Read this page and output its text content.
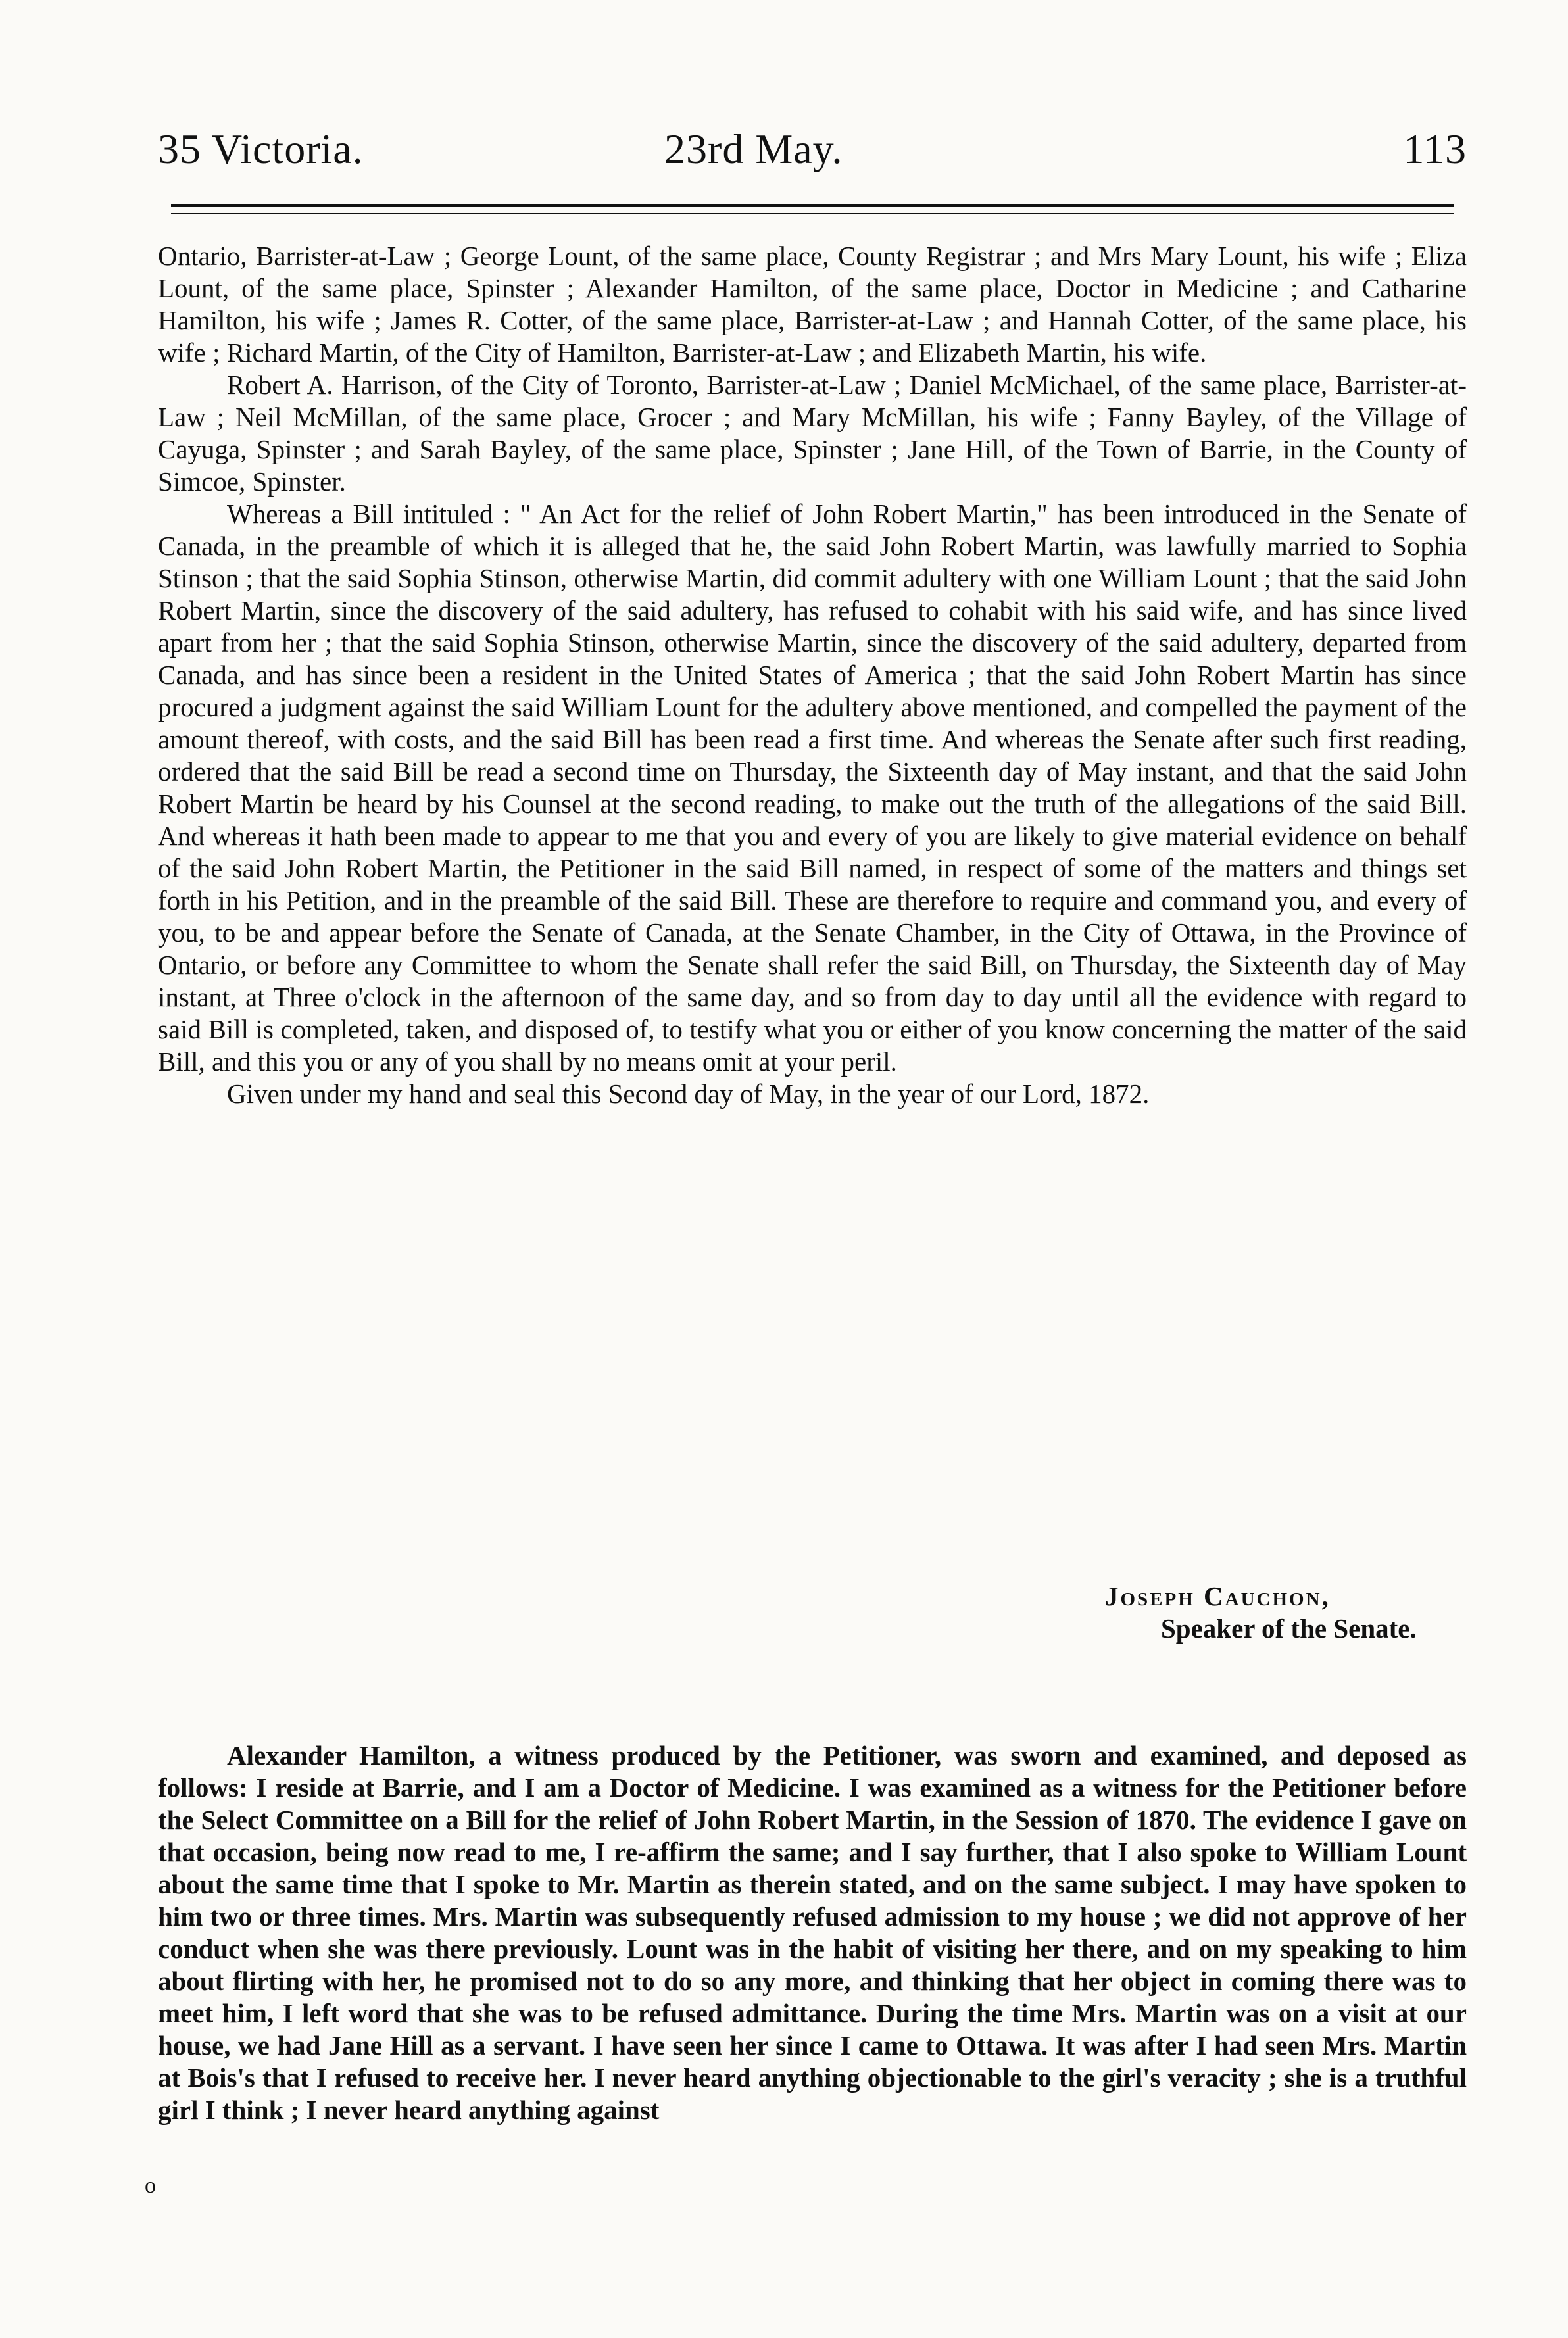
35 Victoria.	23rd May.	113

Ontario, Barrister-at-Law ; George Lount, of the same place, County Registrar ; and Mrs Mary Lount, his wife ; Eliza Lount, of the same place, Spinster ; Alexander Hamilton, of the same place, Doctor in Medicine ; and Catharine Hamilton, his wife ; James R. Cotter, of the same place, Barrister-at-Law ; and Hannah Cotter, of the same place, his wife ; Richard Martin, of the City of Hamilton, Barrister-at-Law ; and Elizabeth Martin, his wife.

Robert A. Harrison, of the City of Toronto, Barrister-at-Law ; Daniel McMichael, of the same place, Barrister-at-Law ; Neil McMillan, of the same place, Grocer ; and Mary McMillan, his wife ; Fanny Bayley, of the Village of Cayuga, Spinster ; and Sarah Bayley, of the same place, Spinster ; Jane Hill, of the Town of Barrie, in the County of Simcoe, Spinster.

Whereas a Bill intituled : " An Act for the relief of John Robert Martin," has been introduced in the Senate of Canada, in the preamble of which it is alleged that he, the said John Robert Martin, was lawfully married to Sophia Stinson ; that the said Sophia Stinson, otherwise Martin, did commit adultery with one William Lount ; that the said John Robert Martin, since the discovery of the said adultery, has refused to cohabit with his said wife, and has since lived apart from her ; that the said Sophia Stinson, otherwise Martin, since the discovery of the said adultery, departed from Canada, and has since been a resident in the United States of America ; that the said John Robert Martin has since procured a judgment against the said William Lount for the adultery above mentioned, and compelled the payment of the amount thereof, with costs, and the said Bill has been read a first time. And whereas the Senate after such first reading, ordered that the said Bill be read a second time on Thursday, the Sixteenth day of May instant, and that the said John Robert Martin be heard by his Counsel at the second reading, to make out the truth of the allegations of the said Bill. And whereas it hath been made to appear to me that you and every of you are likely to give material evidence on behalf of the said John Robert Martin, the Petitioner in the said Bill named, in respect of some of the matters and things set forth in his Petition, and in the preamble of the said Bill. These are therefore to require and command you, and every of you, to be and appear before the Senate of Canada, at the Senate Chamber, in the City of Ottawa, in the Province of Ontario, or before any Committee to whom the Senate shall refer the said Bill, on Thursday, the Sixteenth day of May instant, at Three o'clock in the afternoon of the same day, and so from day to day until all the evidence with regard to said Bill is completed, taken, and disposed of, to testify what you or either of you know concerning the matter of the said Bill, and this you or any of you shall by no means omit at your peril.

Given under my hand and seal this Second day of May, in the year of our Lord, 1872.

Joseph Cauchon,
Speaker of the Senate.

Alexander Hamilton, a witness produced by the Petitioner, was sworn and examined, and deposed as follows: I reside at Barrie, and I am a Doctor of Medicine. I was examined as a witness for the Petitioner before the Select Committee on a Bill for the relief of John Robert Martin, in the Session of 1870. The evidence I gave on that occasion, being now read to me, I re-affirm the same; and I say further, that I also spoke to William Lount about the same time that I spoke to Mr. Martin as therein stated, and on the same subject. I may have spoken to him two or three times. Mrs. Martin was subsequently refused admission to my house ; we did not approve of her conduct when she was there previously. Lount was in the habit of visiting her there, and on my speaking to him about flirting with her, he promised not to do so any more, and thinking that her object in coming there was to meet him, I left word that she was to be refused admittance. During the time Mrs. Martin was on a visit at our house, we had Jane Hill as a servant. I have seen her since I came to Ottawa. It was after I had seen Mrs. Martin at Bois's that I refused to receive her. I never heard anything objectionable to the girl's veracity ; she is a truthful girl I think ; I never heard anything against

o
